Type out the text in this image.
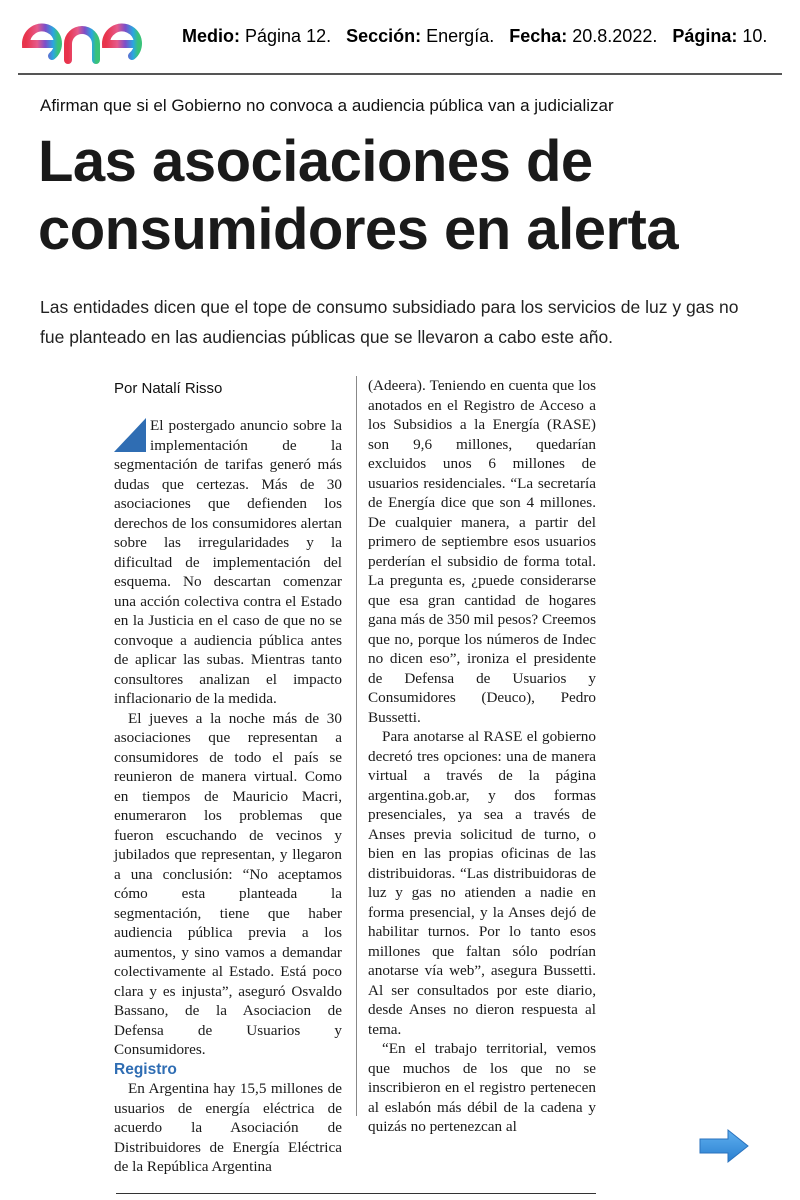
Medio: Página 12. Sección: Energía. Fecha: 20.8.2022. Página: 10.
Afirman que si el Gobierno no convoca a audiencia pública van a judicializar
Las asociaciones de
consumidores en alerta
Las entidades dicen que el tope de consumo subsidiado para los servicios de luz y gas no fue planteado en las audiencias públicas que se llevaron a cabo este año.
Por Natalí Risso

El postergado anuncio sobre la implementación de la segmentación de tarifas generó más dudas que certezas. Más de 30 asociaciones que defienden los derechos de los consumidores alertan sobre las irregularidades y la dificultad de implementación del esquema. No descartan comenzar una acción colectiva contra el Estado en la Justicia en el caso de que no se convoque a audiencia pública antes de aplicar las subas. Mientras tanto consultores analizan el impacto inflacionario de la medida.

El jueves a la noche más de 30 asociaciones que representan a consumidores de todo el país se reunieron de manera virtual. Como en tiempos de Mauricio Macri, enumeraron los problemas que fueron escuchando de vecinos y jubilados que representan, y llegaron a una conclusión: “No aceptamos cómo esta planteada la segmentación, tiene que haber audiencia pública previa a los aumentos, y sino vamos a demandar colectivamente al Estado. Está poco clara y es injusta”, aseguró Osvaldo Bassano, de la Asociacion de Defensa de Usuarios y Consumidores.

Registro

En Argentina hay 15,5 millones de usuarios de energía eléctrica de acuerdo la Asociación de Distribuidores de Energía Eléctrica de la República Argentina

(Adeera). Teniendo en cuenta que los anotados en el Registro de Acceso a los Subsidios a la Energía (RASE) son 9,6 millones, quedarían excluidos unos 6 millones de usuarios residenciales. “La secretaría de Energía dice que son 4 millones. De cualquier manera, a partir del primero de septiembre esos usuarios perderían el subsidio de forma total. La pregunta es, ¿puede considerarse que esa gran cantidad de hogares gana más de 350 mil pesos? Creemos que no, porque los números de Indec no dicen eso”, ironiza el presidente de Defensa de Usuarios y Consumidores (Deuco), Pedro Bussetti.

Para anotarse al RASE el gobierno decretó tres opciones: una de manera virtual a través de la página argentina.gob.ar, y dos formas presenciales, ya sea a través de Anses previa solicitud de turno, o bien en las propias oficinas de las distribuidoras. “Las distribuidoras de luz y gas no atienden a nadie en forma presencial, y la Anses dejó de habilitar turnos. Por lo tanto esos millones que faltan sólo podrían anotarse vía web”, asegura Bussetti. Al ser consultados por este diario, desde Anses no dieron respuesta al tema.

“En el trabajo territorial, vemos que muchos de los que no se inscribieron en el registro pertenecen al eslabón más débil de la cadena y quizás no pertenezcan al
